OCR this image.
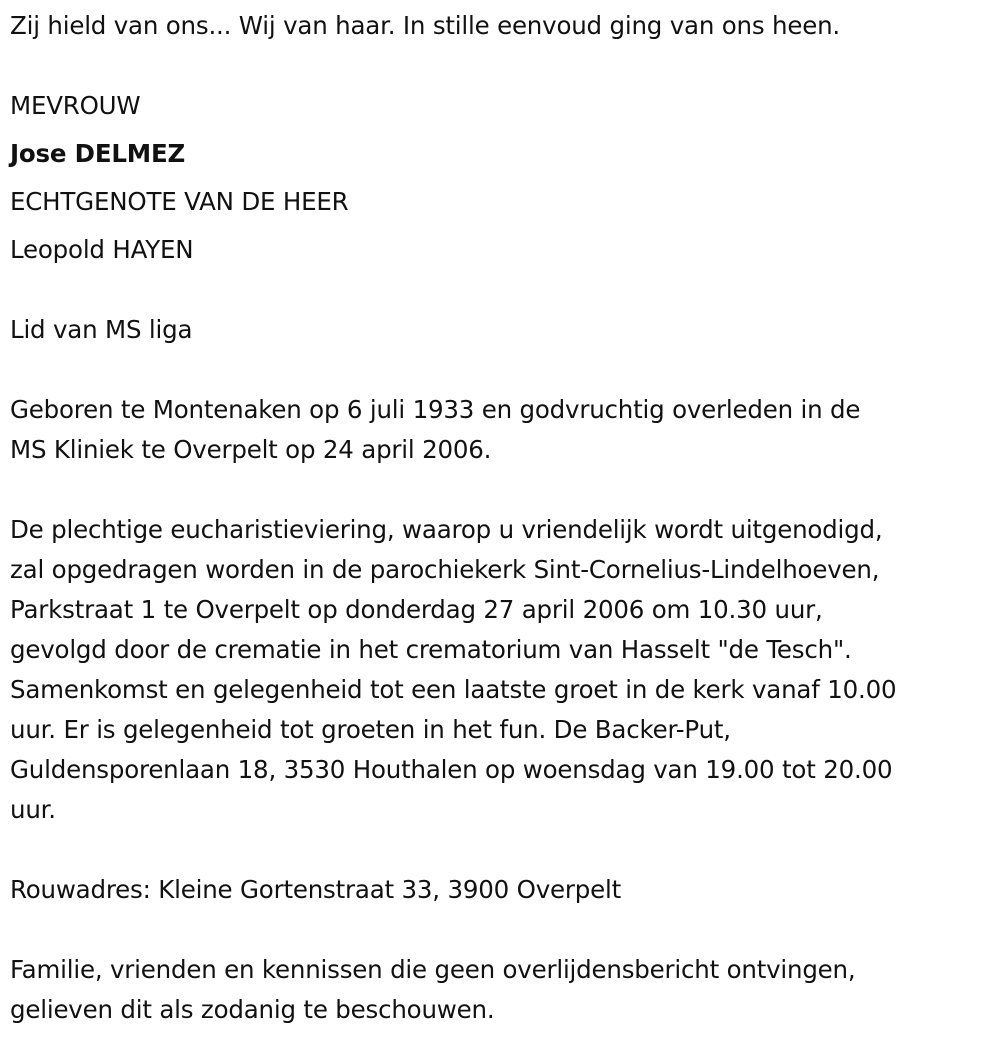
Zij hield van ons... Wij van haar. In stille eenvoud ging van ons heen.

MEVROUW

Jose DELMEZ

ECHTGENOTE VAN DE HEER

Leopold HAYEN

Lid van MS liga

Geboren te Montenaken op 6 juli 1933 en godvruchtig overleden in de
MS Kliniek te Overpelt op 24 april 2006.
De plechtige eucharistieviering, waarop u vriendelijk wordt uitgenodigd,
zal opgedragen worden in de parochiekerk Sint-Cornelius-Lindelhoeven,
Parkstraat 1 te Overpelt op donderdag 27 april 2006 om 10.30 uur,
gevolgd door de crematie in het crematorium van Hasselt "de Tesch".
Samenkomst en gelegenheid tot een laatste groet in de kerk vanaf 10.00
uur. Er is gelegenheid tot groeten in het fun. De Backer-Put,
Guldensporenlaan 18, 3530 Houthalen op woensdag van 19.00 tot 20.00
uur.

Rouwadres: Kleine Gortenstraat 33, 3900 Overpelt

Familie, vrienden en kennissen die geen overlijdensbericht ontvingen,
gelieven dit als zodanig te beschouwen.
